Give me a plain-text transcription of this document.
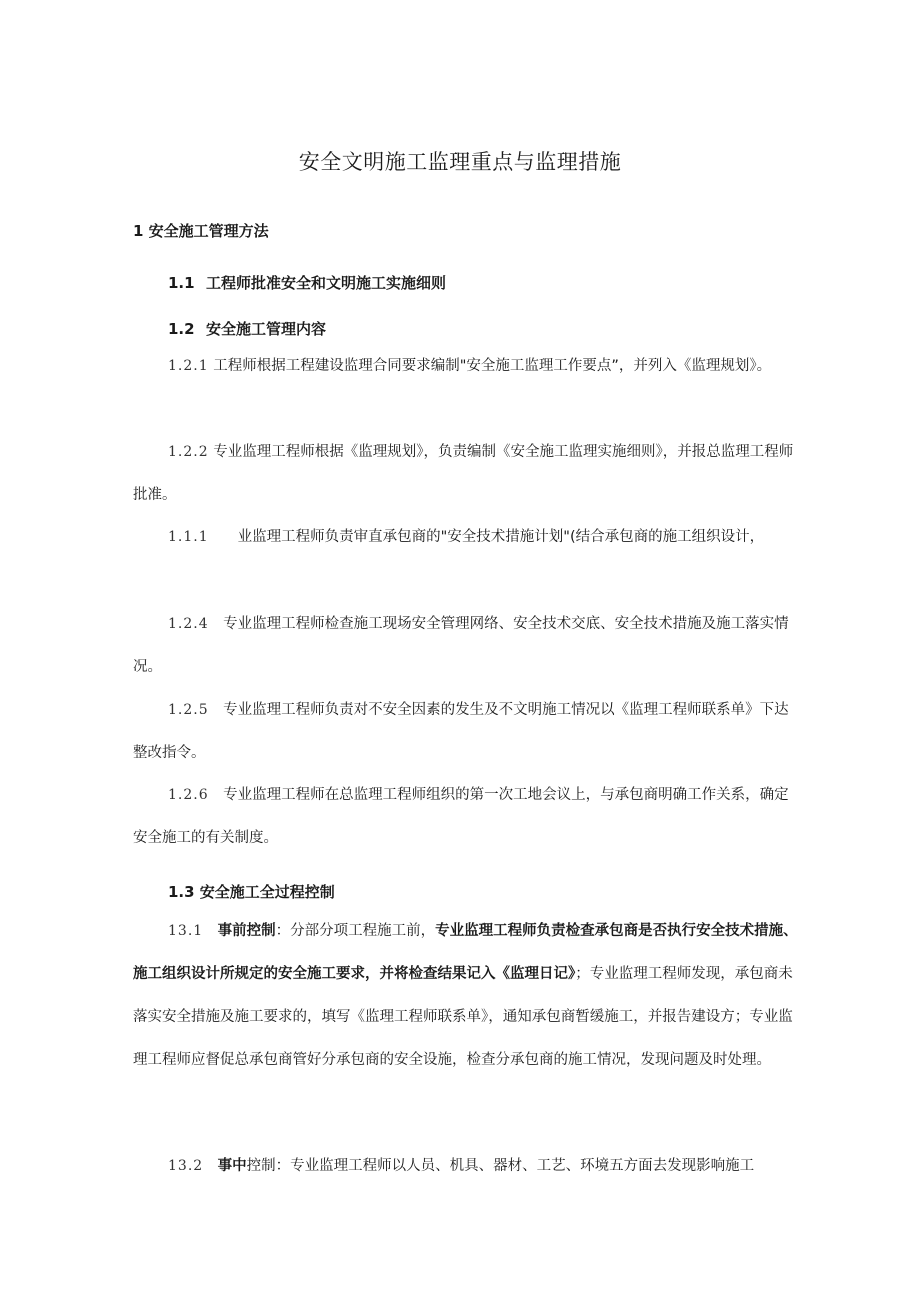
安全文明施工监理重点与监理措施
1 安全施工管理方法
1.1 工程师批准安全和文明施工实施细则
1.2 安全施工管理内容
1.2.1 工程师根据工程建设监理合同要求编制"安全施工监理工作要点”，并列入《监理规划》。
1.2.2 专业监理工程师根据《监理规划》，负责编制《安全施工监理实施细则》，并报总监理工程师批准。
1.1.1　　业监理工程师负责审直承包商的"安全技术措施计划"(结合承包商的施工组织设计，
1.2.4　专业监理工程师检查施工现场安全管理网络、安全技术交底、安全技术措施及施工落实情况。
1.2.5　专业监理工程师负责对不安全因素的发生及不文明施工情况以《监理工程师联系单》下达整改指令。
1.2.6　专业监理工程师在总监理工程师组织的第一次工地会议上，与承包商明确工作关系，确定安全施工的有关制度。
1.3 安全施工全过程控制
13.1　事前控制：分部分项工程施工前，专业监理工程师负责检查承包商是否执行安全技术措施、施工组织设计所规定的安全施工要求，并将检查结果记入《监理日记》；专业监理工程师发现，承包商未落实安全措施及施工要求的，填写《监理工程师联系单》，通知承包商暂缓施工，并报告建设方；专业监理工程师应督促总承包商管好分承包商的安全设施，检查分承包商的施工情况，发现问题及时处理。
13.2　事中控制：专业监理工程师以人员、机具、器材、工艺、环境五方面去发现影响施工
